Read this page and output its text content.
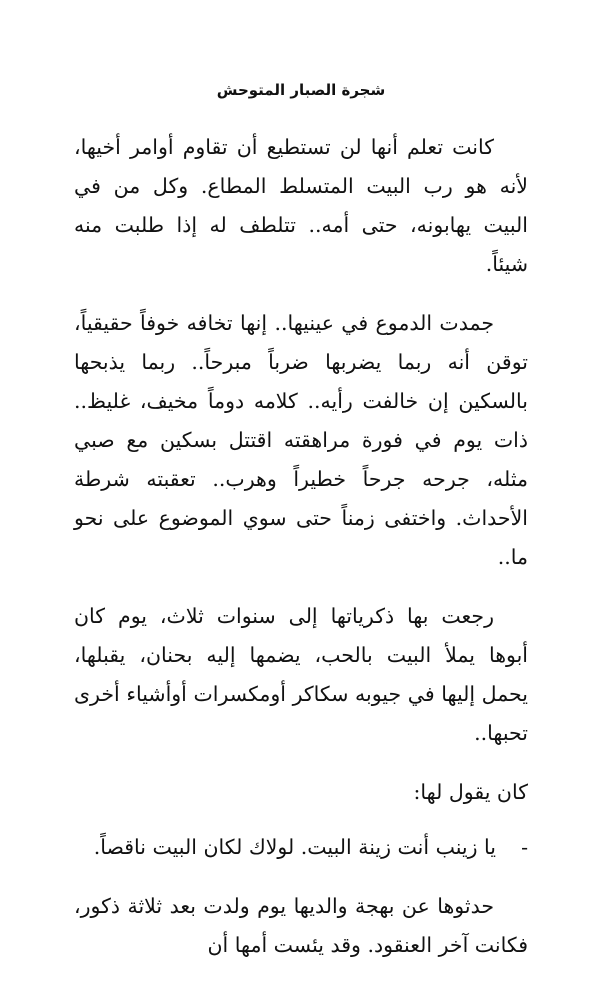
شجرة الصبار المتوحش

كانت تعلم أنها لن تستطيع أن تقاوم أوامر أخيها، لأنه هو رب البيت المتسلط المطاع. وكل من في البيت يهابونه، حتى أمه.. تتلطف له إذا طلبت منه شيئاً.

جمدت الدموع في عينيها.. إنها تخافه خوفاً حقيقياً، توقن أنه ربما يضربها ضرباً مبرحاً.. ربما يذبحها بالسكين إن خالفت رأيه.. كلامه دوماً مخيف، غليظ.. ذات يوم في فورة مراهقته اقتتل بسكين مع صبي مثله، جرحه جرحاً خطيراً وهرب.. تعقبته شرطة الأحداث. واختفى زمناً حتى سوي الموضوع على نحو ما..

رجعت بها ذكرياتها إلى سنوات ثلاث، يوم كان أبوها يملأ البيت بالحب، يضمها إليه بحنان، يقبلها، يحمل إليها في جيوبه سكاكر أومكسرات أوأشياء أخرى تحبها..

كان يقول لها:

-
يا زينب أنت زينة البيت. لولاك لكان البيت ناقصاً.

حدثوها عن بهجة والديها يوم ولدت بعد ثلاثة ذكور، فكانت آخر العنقود. وقد يئست أمها أن
